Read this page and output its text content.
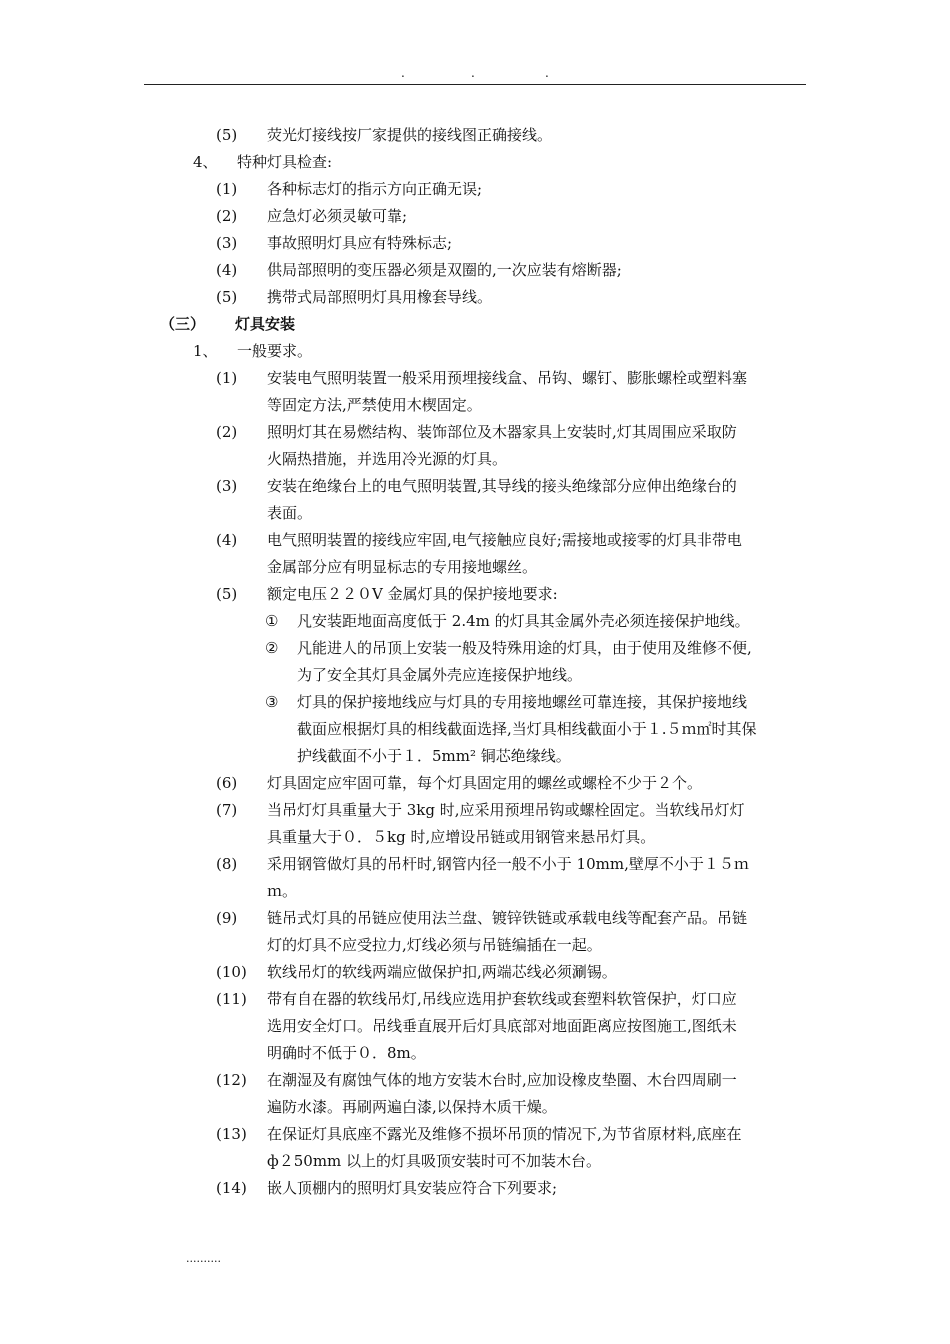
.	.	.
(5) 荧光灯接线按厂家提供的接线图正确接线。
4、 特种灯具检查:
(1) 各种标志灯的指示方向正确无误;
(2) 应急灯必须灵敏可靠;
(3) 事故照明灯具应有特殊标志;
(4) 供局部照明的变压器必须是双圈的,一次应装有熔断器;
(5) 携带式局部照明灯具用橡套导线。
（三） 灯具安装
1、 一般要求。
(1) 安装电气照明装置一般采用预埋接线盒、吊钩、螺钉、膨胀螺栓或塑料塞
等固定方法,严禁使用木楔固定。
(2) 照明灯其在易燃结构、装饰部位及木器家具上安装时,灯其周围应采取防
火隔热措施，并选用冷光源的灯具。
(3) 安装在绝缘台上的电气照明装置,其导线的接头绝缘部分应伸出绝缘台的
表面。
(4) 电气照明装置的接线应牢固,电气接触应良好;需接地或接零的灯具非带电
金属部分应有明显标志的专用接地螺丝。
(5) 额定电压２２０V 金属灯具的保护接地要求:
① 凡安装距地面高度低于 2.4m 的灯具其金属外壳必须连接保护地线。
② 凡能进人的吊顶上安装一般及特殊用途的灯具，由于使用及维修不便,
为了安全其灯具金属外壳应连接保护地线。
③ 灯具的保护接地线应与灯具的专用接地螺丝可靠连接，其保护接地线
截面应根据灯具的相线截面选择,当灯具相线截面小于１.５ｍ㎡时其保
护线截面不小于１．5mm² 铜芯绝缘线。
(6) 灯具固定应牢固可靠，每个灯具固定用的螺丝或螺栓不少于２个。
(7) 当吊灯灯具重量大于 3kg 时,应采用预埋吊钩或螺栓固定。当软线吊灯灯
具重量大于０．５kg 时,应增设吊链或用钢管来悬吊灯具。
(8) 采用钢管做灯具的吊杆时,钢管内径一般不小于 10mm,壁厚不小于１５ｍ
ｍ。
(9) 链吊式灯具的吊链应使用法兰盘、镀锌铁链或承载电线等配套产品。吊链
灯的灯具不应受拉力,灯线必须与吊链编插在一起。
(10) 软线吊灯的软线两端应做保护扣,两端芯线必须涮锡。
(11) 带有自在器的软线吊灯,吊线应选用护套软线或套塑料软管保护，灯口应
选用安全灯口。吊线垂直展开后灯具底部对地面距离应按图施工,图纸未
明确时不低于０．8m。
(12) 在潮湿及有腐蚀气体的地方安装木台时,应加设橡皮垫圈、木台四周刷一
遍防水漆。再刷两遍白漆,以保持木质干燥。
(13) 在保证灯具底座不露光及维修不损坏吊顶的情况下,为节省原材料,底座在
ф２50mm 以上的灯具吸顶安装时可不加装木台。
(14) 嵌人顶棚内的照明灯具安装应符合下列要求;
..........
